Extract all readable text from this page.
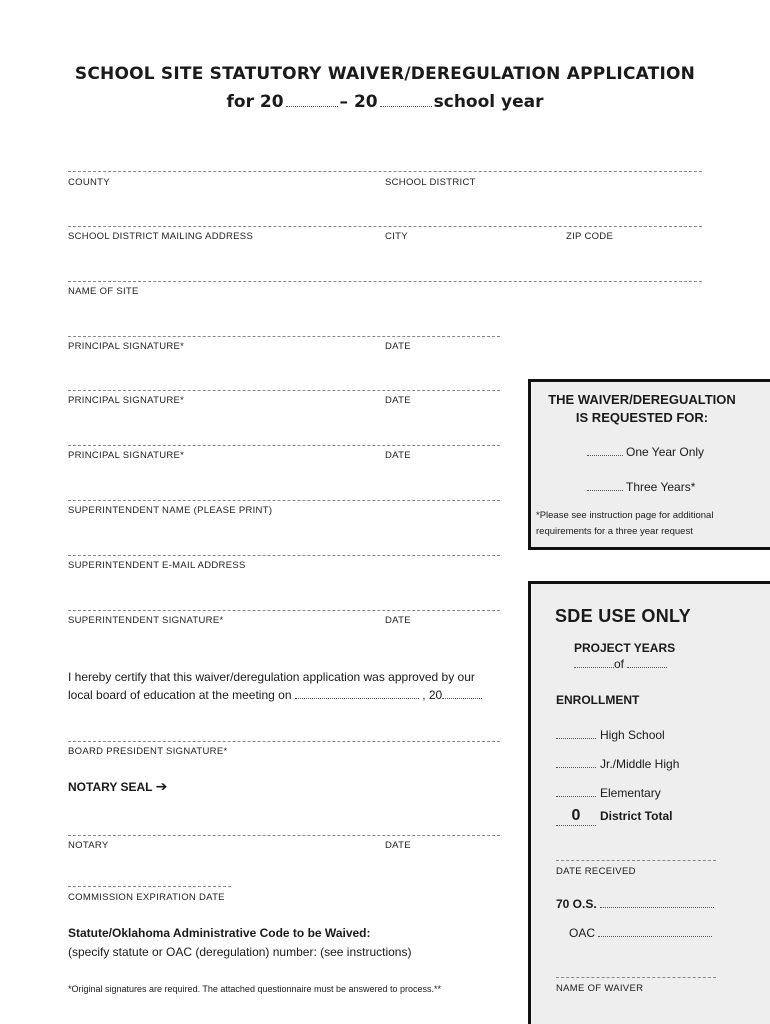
SCHOOL SITE STATUTORY WAIVER/DEREGULATION APPLICATION
for 20	– 20	school year
COUNTY	SCHOOL DISTRICT
SCHOOL DISTRICT MAILING ADDRESS	CITY	ZIP CODE
NAME OF SITE
PRINCIPAL SIGNATURE*	DATE
PRINCIPAL SIGNATURE*	DATE
PRINCIPAL SIGNATURE*	DATE
SUPERINTENDENT NAME (PLEASE PRINT)
SUPERINTENDENT E-MAIL ADDRESS
SUPERINTENDENT SIGNATURE*	DATE
I hereby certify that this waiver/deregulation application was approved by our
local board of education at the meeting on	, 20
BOARD PRESIDENT SIGNATURE*
NOTARY SEAL ➔
NOTARY	DATE
COMMISSION EXPIRATION DATE
Statute/Oklahoma Administrative Code to be Waived:
(specify statute or OAC (deregulation) number: (see instructions)
*Original signatures are required. The attached questionnaire must be answered to process.**
THE WAIVER/DEREGUALTION
IS REQUESTED FOR:
One Year Only
Three Years*
*Please see instruction page for additional requirements for a three year request
SDE USE ONLY
PROJECT YEARS
of
ENROLLMENT
High School
Jr./Middle High
Elementary
0 District Total
DATE RECEIVED
70 O.S.
OAC
NAME OF WAIVER
